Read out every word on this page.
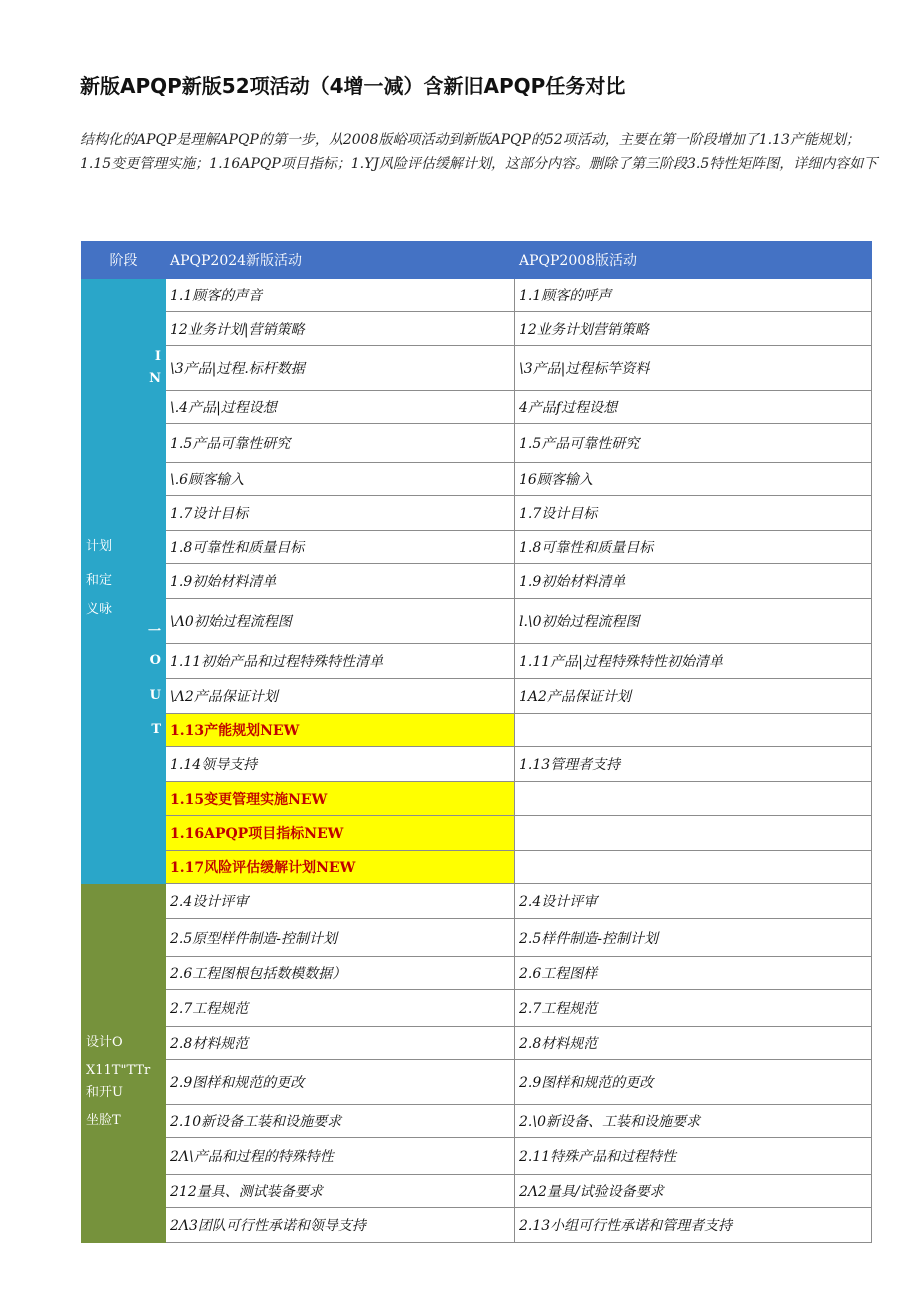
新版APQP新版52项活动（4增一减）含新旧APQP任务对比
结构化的APQP是理解APQP的第一步，从2008版峪项活动到新版APQP的52项活动，主要在第一阶段增加了1.13产能规划；1.15变更管理实施；1.16APQP项目指标；1.YJ风险评估缓解计划，这部分内容。删除了第三阶段3.5特性矩阵图，详细内容如下
阶段	APQP2024新版活动	APQP2008版活动
	1.1顾客的声音	1.1顾客的呼声
	12业务计划|营销策略	12业务计划营销策略

I
N	\3产品|过程.标杆数据	\3产品|过程标竿资料
	\.4产品|过程设想	4产品f过程设想
	1.5产品可靠性研究	1.5产品可靠性研究
	\.6顾客输入	16顾客输入
	1.7设计目标	1.7设计目标

计划	1.8可靠性和质量目标	1.8可靠性和质量目标

和定	1.9初始材料清单	1.9初始材料清单

义咏
一	\Λ0初始过程流程图	l.\0初始过程流程图

O	1.11初始产品和过程特殊特性清单	1.11产品|过程特殊特性初始清单

U	\Λ2产品保证计划	1A2产品保证计划

T	1.13产能规划NEW	
	1.14领导支持	1.13管理者支持
	1.15变更管理实施NEW	
	1.16APQP项目指标NEW	
	1.17风险评估缓解计划NEW	
	2.4设计评审	2.4设计评审
	2.5原型样件制造-控制计划	2.5样件制造-控制计划
	2.6工程图根包括数模数据）	2.6工程图样
	2.7工程规范	2.7工程规范

设计O	2.8材料规范	2.8材料规范

X11T"TTr
和开U	2.9图样和规范的更改	2.9图样和规范的更改

坐脸T	2.10新设备工装和设施要求	2.\0新设备、工装和设施要求
	2Λ\产品和过程的特殊特性	2.11特殊产品和过程特性
	212量具、测试装备要求	2Λ2量具/试验设备要求
	2Λ3团队可行性承诺和领导支持	2.13小组可行性承诺和管理者支持
